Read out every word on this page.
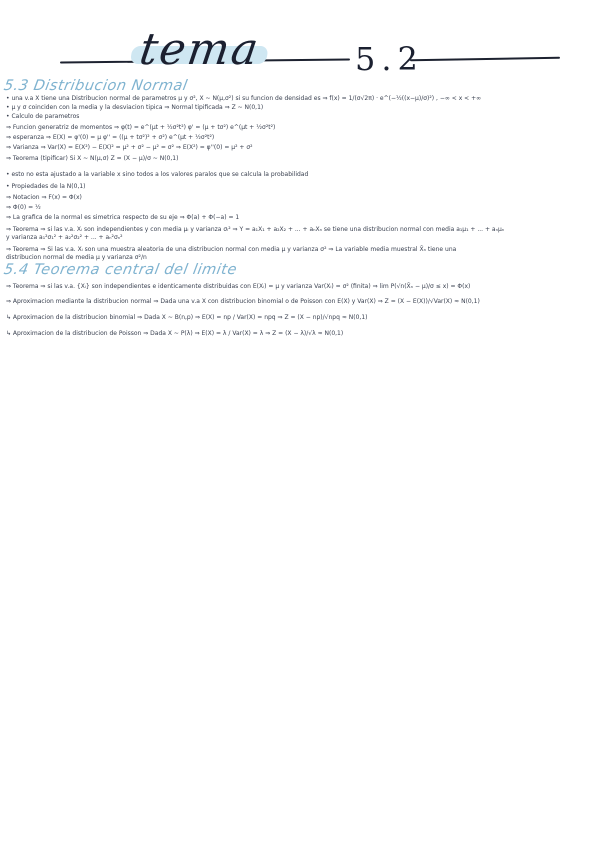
tema	5.2
5.3 Distribucion Normal
• una v.a X tiene una Distribucion normal de parametros μ y σ², X ~ N(μ,σ²) si su funcion de densidad es ⇒ f(x) = 1/(σ√2π) · e^(−½((x−μ)/σ)²) , −∞ < x < +∞
• μ y σ coinciden con la media y la desviacion tipica ⇒ Normal tipificada ⇒ Z ~ N(0,1)
• Calculo de parametros
⇒ Funcion generatriz de momentos ⇒ φ(t) = e^(μt + ½σ²t²) φ' = (μ + tσ²) e^(μt + ½σ²t²)
⇒ esperanza ⇒ E(X) = φ'(0) = μ φ'' = ((μ + tσ²)² + σ²) e^(μt + ½σ²t²)
⇒ Varianza ⇒ Var(X) = E(X²) − E(X)² = μ² + σ² − μ² = σ² ⇒ E(X²) = φ''(0) = μ² + σ²
⇒ Teorema (tipificar) Si X ~ N(μ,σ) Z = (X − μ)/σ ~ N(0,1)
• esto no esta ajustado a la variable x sino todos a los valores paralos que se calcula la probabilidad
• Propiedades de la N(0,1)
⇒ Notacion ⇒ F(x) = Φ(x)
⇒ Φ(0) = ½
⇒ La grafica de la normal es simetrica respecto de su eje ⇒ Φ(a) + Φ(−a) = 1
⇒ Teorema ⇒ si las v.a. Xᵢ son independientes y con media μᵢ y varianza σᵢ² ⇒ Y = a₁X₁ + a₂X₂ + ... + aₙXₙ se tiene una distribucion normal con media a₁μ₁ + ... + aₙμₙ
y varianza a₁²σ₁² + a₂²σ₂² + ... + aₙ²σₙ²
⇒ Teorema ⇒ Si las v.a. Xᵢ son una muestra aleatoria de una distribucion normal con media μ y varianza σ² ⇒ La variable media muestral X̄ₙ tiene una
distribucion normal de media μ y varianza σ²/n
5.4 Teorema central del limite
⇒ Teorema ⇒ si las v.a. {Xᵢ} son independientes e identicamente distribuidas con E(Xᵢ) = μ y varianza Var(Xᵢ) = σ² (finita) ⇒ lim P(√n(X̄ₙ − μ)/σ ≤ x) = Φ(x)
⇒ Aproximacion mediante la distribucion normal ⇒ Dada una v.a X con distribucion binomial o de Poisson con E(X) y Var(X) ⇒ Z = (X − E(X))/√Var(X) ≈ N(0,1)
↳ Aproximacion de la distribucion binomial ⇒ Dada X ~ B(n,p) ⇒ E(X) = np / Var(X) = npq ⇒ Z = (X − np)/√npq ≈ N(0,1)
↳ Aproximacion de la distribucion de Poisson ⇒ Dada X ~ P(λ) ⇒ E(X) = λ / Var(X) = λ ⇒ Z = (X − λ)/√λ ≈ N(0,1)
